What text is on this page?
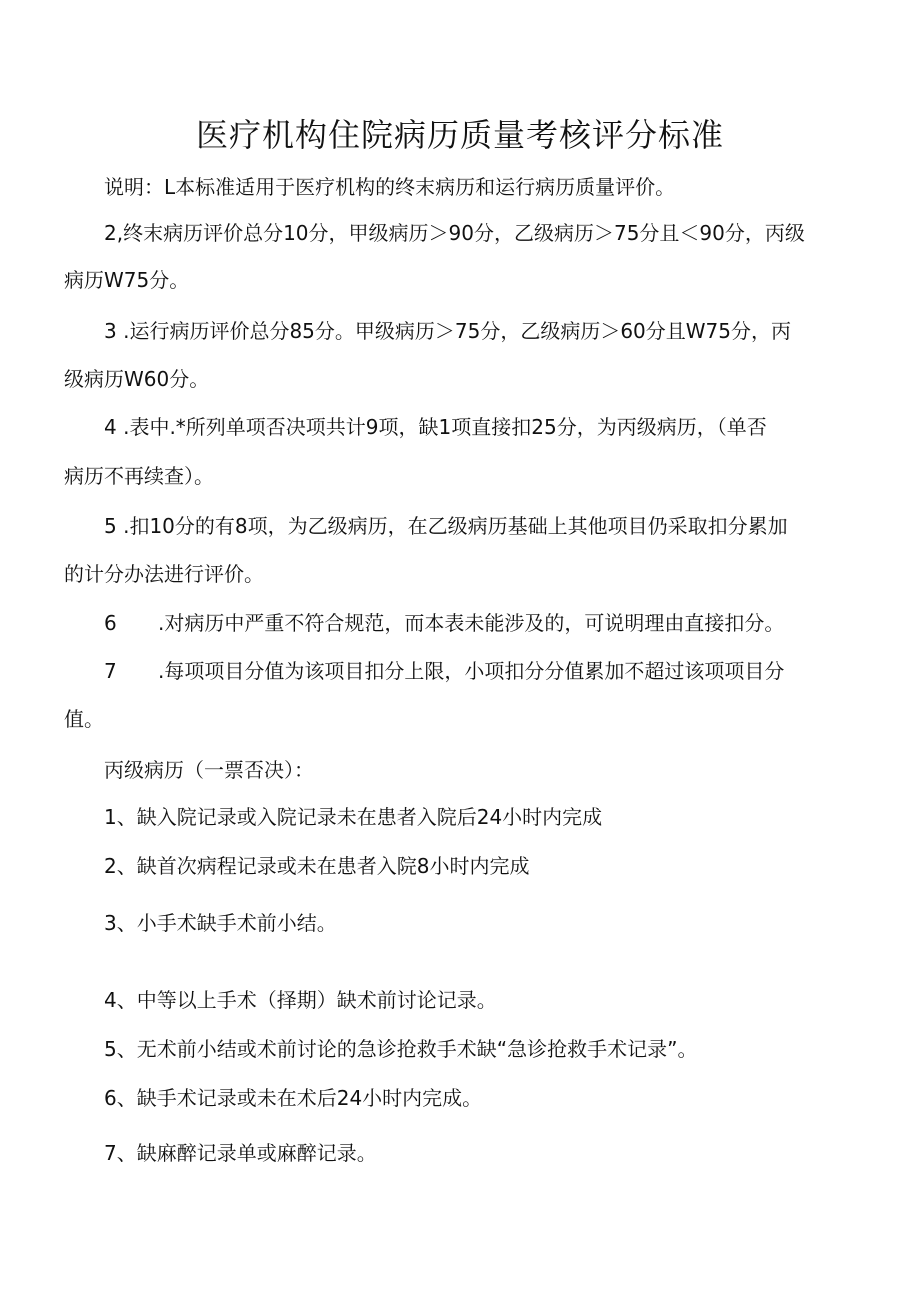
医疗机构住院病历质量考核评分标准
说明：L本标准适用于医疗机构的终末病历和运行病历质量评价。
2,终末病历评价总分10分，甲级病历＞90分，乙级病历＞75分且＜90分，丙级
病历W75分。
3 .运行病历评价总分85分。甲级病历＞75分，乙级病历＞60分且W75分，丙
级病历W60分。
4 .表中.*所列单项否决项共计9项，缺1项直接扣25分，为丙级病历，（单否
病历不再续查）。
5 .扣10分的有8项，为乙级病历，在乙级病历基础上其他项目仍采取扣分累加
的计分办法进行评价。
6 .对病历中严重不符合规范，而本表未能涉及的，可说明理由直接扣分。
7 .每项项目分值为该项目扣分上限，小项扣分分值累加不超过该项项目分
值。
丙级病历（一票否决）：
1、缺入院记录或入院记录未在患者入院后24小时内完成
2、缺首次病程记录或未在患者入院8小时内完成
3、小手术缺手术前小结。
4、中等以上手术（择期）缺术前讨论记录。
5、无术前小结或术前讨论的急诊抢救手术缺“急诊抢救手术记录”。
6、缺手术记录或未在术后24小时内完成。
7、缺麻醉记录单或麻醉记录。
